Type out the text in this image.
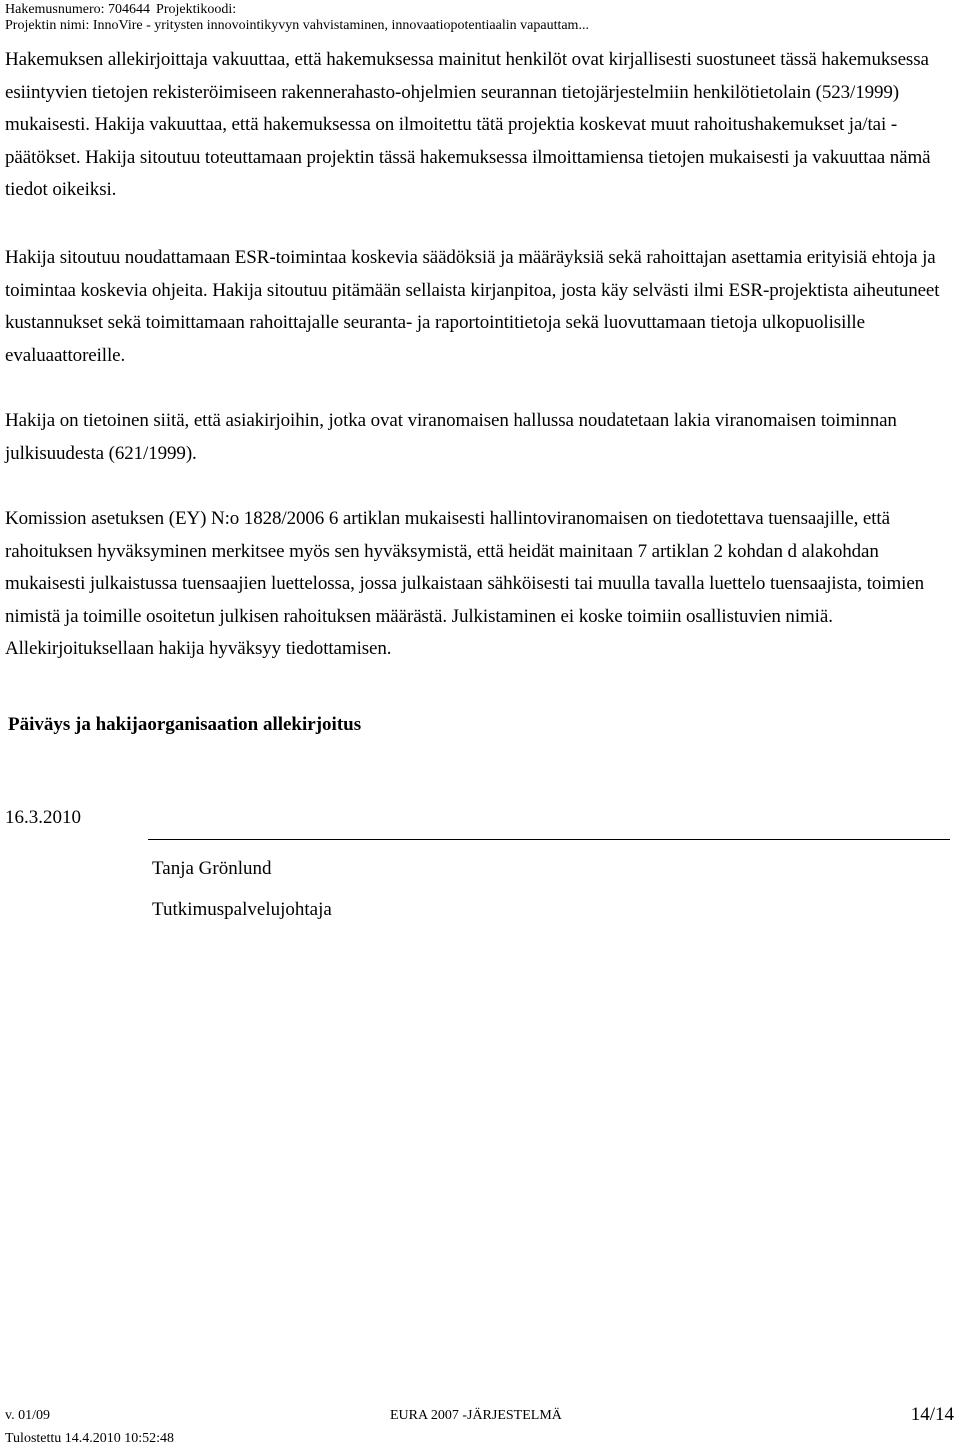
Hakemusnumero: 704644 Projektikoodi:
Projektin nimi: InnoVire - yritysten innovointikyvyn vahvistaminen, innovaatiopotentiaalin vapauttam...
Hakemuksen allekirjoittaja vakuuttaa, että hakemuksessa mainitut henkilöt ovat kirjallisesti suostuneet tässä hakemuksessa esiintyvien tietojen rekisteröimiseen rakennerahasto-ohjelmien seurannan tietojärjestelmiin henkilötietolain (523/1999) mukaisesti. Hakija vakuuttaa, että hakemuksessa on ilmoitettu tätä projektia koskevat muut rahoitushakemukset ja/tai -päätökset. Hakija sitoutuu toteuttamaan projektin tässä hakemuksessa ilmoittamiensa tietojen mukaisesti ja vakuuttaa nämä tiedot oikeiksi.
Hakija sitoutuu noudattamaan ESR-toimintaa koskevia säädöksiä ja määräyksiä sekä rahoittajan asettamia erityisiä ehtoja ja toimintaa koskevia ohjeita. Hakija sitoutuu pitämään sellaista kirjanpitoa, josta käy selvästi ilmi ESR-projektista aiheutuneet kustannukset sekä toimittamaan rahoittajalle seuranta- ja raportointitietoja sekä luovuttamaan tietoja ulkopuolisille evaluaattoreille.
Hakija on tietoinen siitä, että asiakirjoihin, jotka ovat viranomaisen hallussa noudatetaan lakia viranomaisen toiminnan julkisuudesta (621/1999).
Komission asetuksen (EY) N:o 1828/2006 6 artiklan mukaisesti hallintoviranomaisen on tiedotettava tuensaajille, että rahoituksen hyväksyminen merkitsee myös sen hyväksymistä, että heidät mainitaan 7 artiklan 2 kohdan d alakohdan mukaisesti julkaistussa tuensaajien luettelossa, jossa julkaistaan sähköisesti tai muulla tavalla luettelo tuensaajista, toimien nimistä ja toimille osoitetun julkisen rahoituksen määrästä. Julkistaminen ei koske toimiin osallistuvien nimiä. Allekirjoituksellaan hakija hyväksyy tiedottamisen.
Päiväys ja hakijaorganisaation allekirjoitus
16.3.2010
Tanja Grönlund
Tutkimuspalvelujohtaja
v. 01/09	EURA 2007 -JÄRJESTELMÄ	14/14
Tulostettu 14.4.2010 10:52:48
